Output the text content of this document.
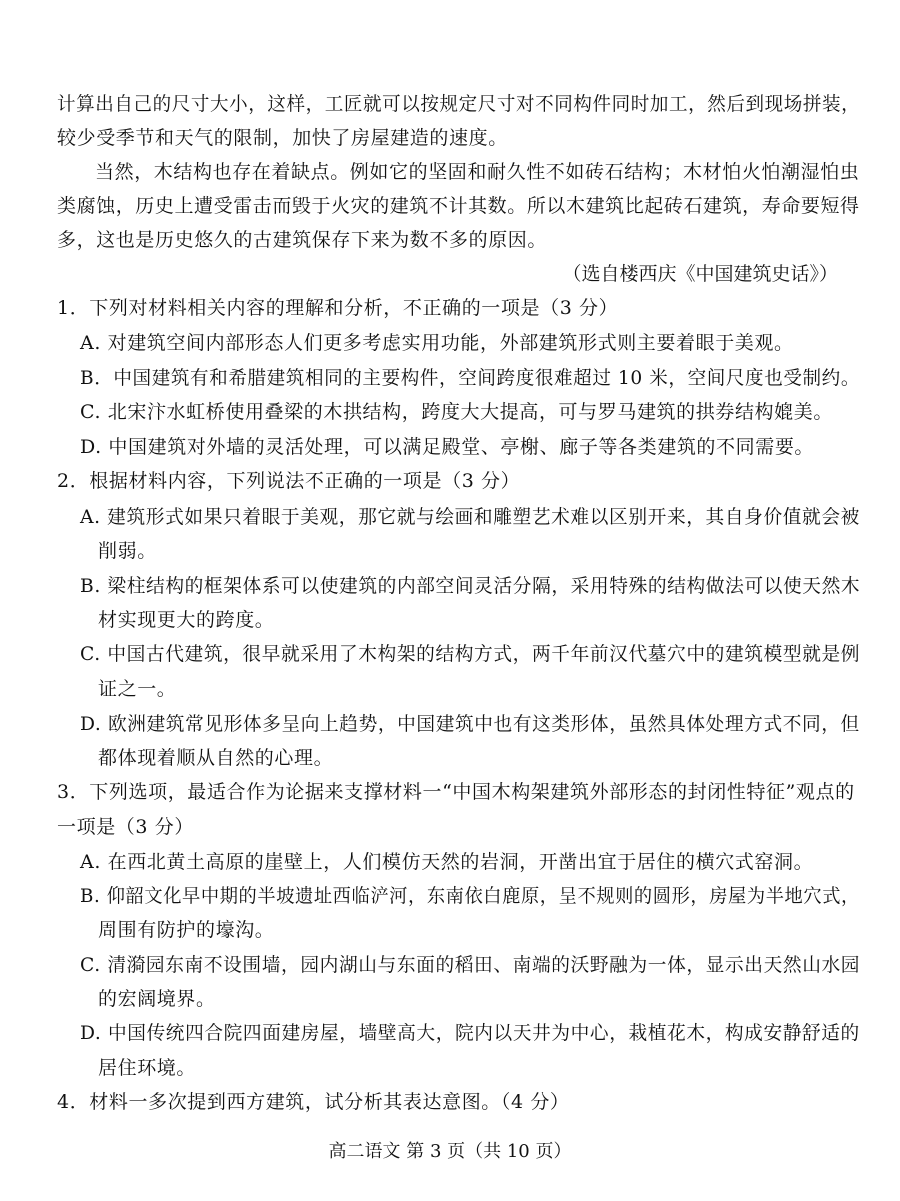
计算出自己的尺寸大小，这样，工匠就可以按规定尺寸对不同构件同时加工，然后到现场拼装，
较少受季节和天气的限制，加快了房屋建造的速度。
当然，木结构也存在着缺点。例如它的坚固和耐久性不如砖石结构；木材怕火怕潮湿怕虫
类腐蚀，历史上遭受雷击而毁于火灾的建筑不计其数。所以木建筑比起砖石建筑，寿命要短得
多，这也是历史悠久的古建筑保存下来为数不多的原因。
（选自楼西庆《中国建筑史话》）
1．下列对材料相关内容的理解和分析，不正确的一项是（3 分）
A. 对建筑空间内部形态人们更多考虑实用功能，外部建筑形式则主要着眼于美观。
B．中国建筑有和希腊建筑相同的主要构件，空间跨度很难超过 10 米，空间尺度也受制约。
C. 北宋汴水虹桥使用叠梁的木拱结构，跨度大大提高，可与罗马建筑的拱券结构媲美。
D. 中国建筑对外墙的灵活处理，可以满足殿堂、亭榭、廊子等各类建筑的不同需要。
2．根据材料内容，下列说法不正确的一项是（3 分）
A. 建筑形式如果只着眼于美观，那它就与绘画和雕塑艺术难以区别开来，其自身价值就会被
削弱。
B. 梁柱结构的框架体系可以使建筑的内部空间灵活分隔，采用特殊的结构做法可以使天然木
材实现更大的跨度。
C. 中国古代建筑，很早就采用了木构架的结构方式，两千年前汉代墓穴中的建筑模型就是例
证之一。
D. 欧洲建筑常见形体多呈向上趋势，中国建筑中也有这类形体，虽然具体处理方式不同，但
都体现着顺从自然的心理。
3．下列选项，最适合作为论据来支撑材料一“中国木构架建筑外部形态的封闭性特征”观点的
一项是（3 分）
A. 在西北黄土高原的崖壁上，人们模仿天然的岩洞，开凿出宜于居住的横穴式窑洞。
B. 仰韶文化早中期的半坡遗址西临浐河，东南依白鹿原，呈不规则的圆形，房屋为半地穴式，
周围有防护的壕沟。
C. 清漪园东南不设围墙，园内湖山与东面的稻田、南端的沃野融为一体，显示出天然山水园
的宏阔境界。
D. 中国传统四合院四面建房屋，墙壁高大，院内以天井为中心，栽植花木，构成安静舒适的
居住环境。
4．材料一多次提到西方建筑，试分析其表达意图。（4 分）
高二语文 第 3 页（共 10 页）
